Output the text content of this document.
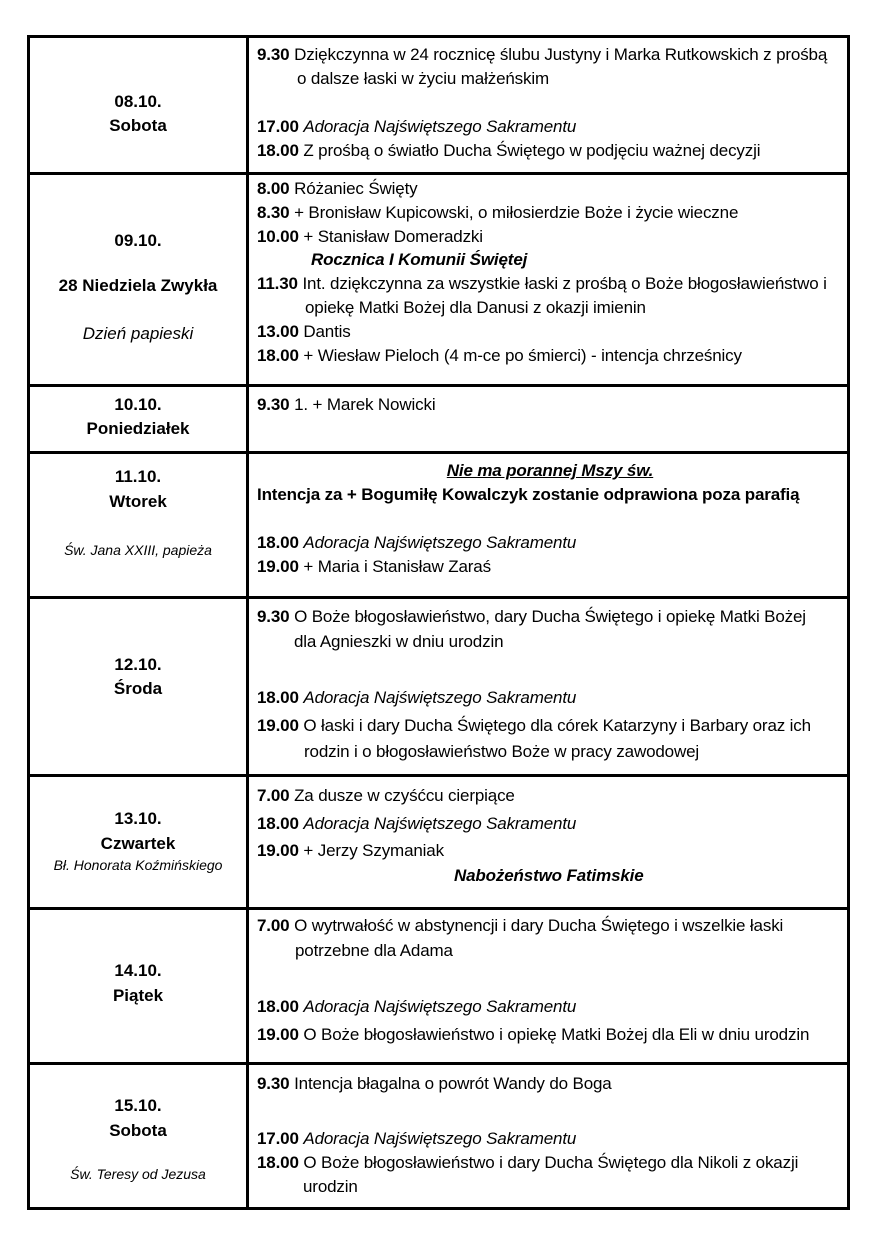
08.10.
Sobota
9.30 Dziękczynna w 24 rocznicę ślubu Justyny i Marka Rutkowskich z prośbą
o dalsze łaski w życiu małżeńskim
17.00 Adoracja Najświętszego Sakramentu
18.00 Z prośbą o światło Ducha Świętego w podjęciu ważnej decyzji
09.10.
28 Niedziela Zwykła
Dzień papieski
8.00 Różaniec Święty
8.30 + Bronisław Kupicowski, o miłosierdzie Boże i życie wieczne
10.00 + Stanisław Domeradzki
Rocznica I Komunii Świętej
11.30 Int. dziękczynna za wszystkie łaski z prośbą o Boże błogosławieństwo i
opiekę Matki Bożej dla Danusi z okazji imienin
13.00 Dantis
18.00 + Wiesław Pieloch (4 m-ce po śmierci) - intencja chrześnicy
10.10.
Poniedziałek
9.30 1. + Marek Nowicki
11.10.
Wtorek
Św. Jana XXIII, papieża
Nie ma porannej Mszy św.
Intencja za + Bogumiłę Kowalczyk zostanie odprawiona poza parafią
18.00 Adoracja Najświętszego Sakramentu
19.00 + Maria i Stanisław Zaraś
12.10.
Środa
9.30 O Boże błogosławieństwo, dary Ducha Świętego i opiekę Matki Bożej
dla Agnieszki w dniu urodzin
18.00 Adoracja Najświętszego Sakramentu
19.00 O łaski i dary Ducha Świętego dla córek Katarzyny i Barbary oraz ich
rodzin i o błogosławieństwo Boże w pracy zawodowej
13.10.
Czwartek
Bł. Honorata Koźmińskiego
7.00 Za dusze w czyśćcu cierpiące
18.00 Adoracja Najświętszego Sakramentu
19.00 + Jerzy Szymaniak
Nabożeństwo Fatimskie
14.10.
Piątek
7.00 O wytrwałość w abstynencji i dary Ducha Świętego i wszelkie łaski
potrzebne dla Adama
18.00 Adoracja Najświętszego Sakramentu
19.00 O Boże błogosławieństwo i opiekę Matki Bożej dla Eli w dniu urodzin
15.10.
Sobota
Św. Teresy od Jezusa
9.30 Intencja błagalna o powrót Wandy do Boga
17.00 Adoracja Najświętszego Sakramentu
18.00 O Boże błogosławieństwo i dary Ducha Świętego dla Nikoli z okazji
urodzin
